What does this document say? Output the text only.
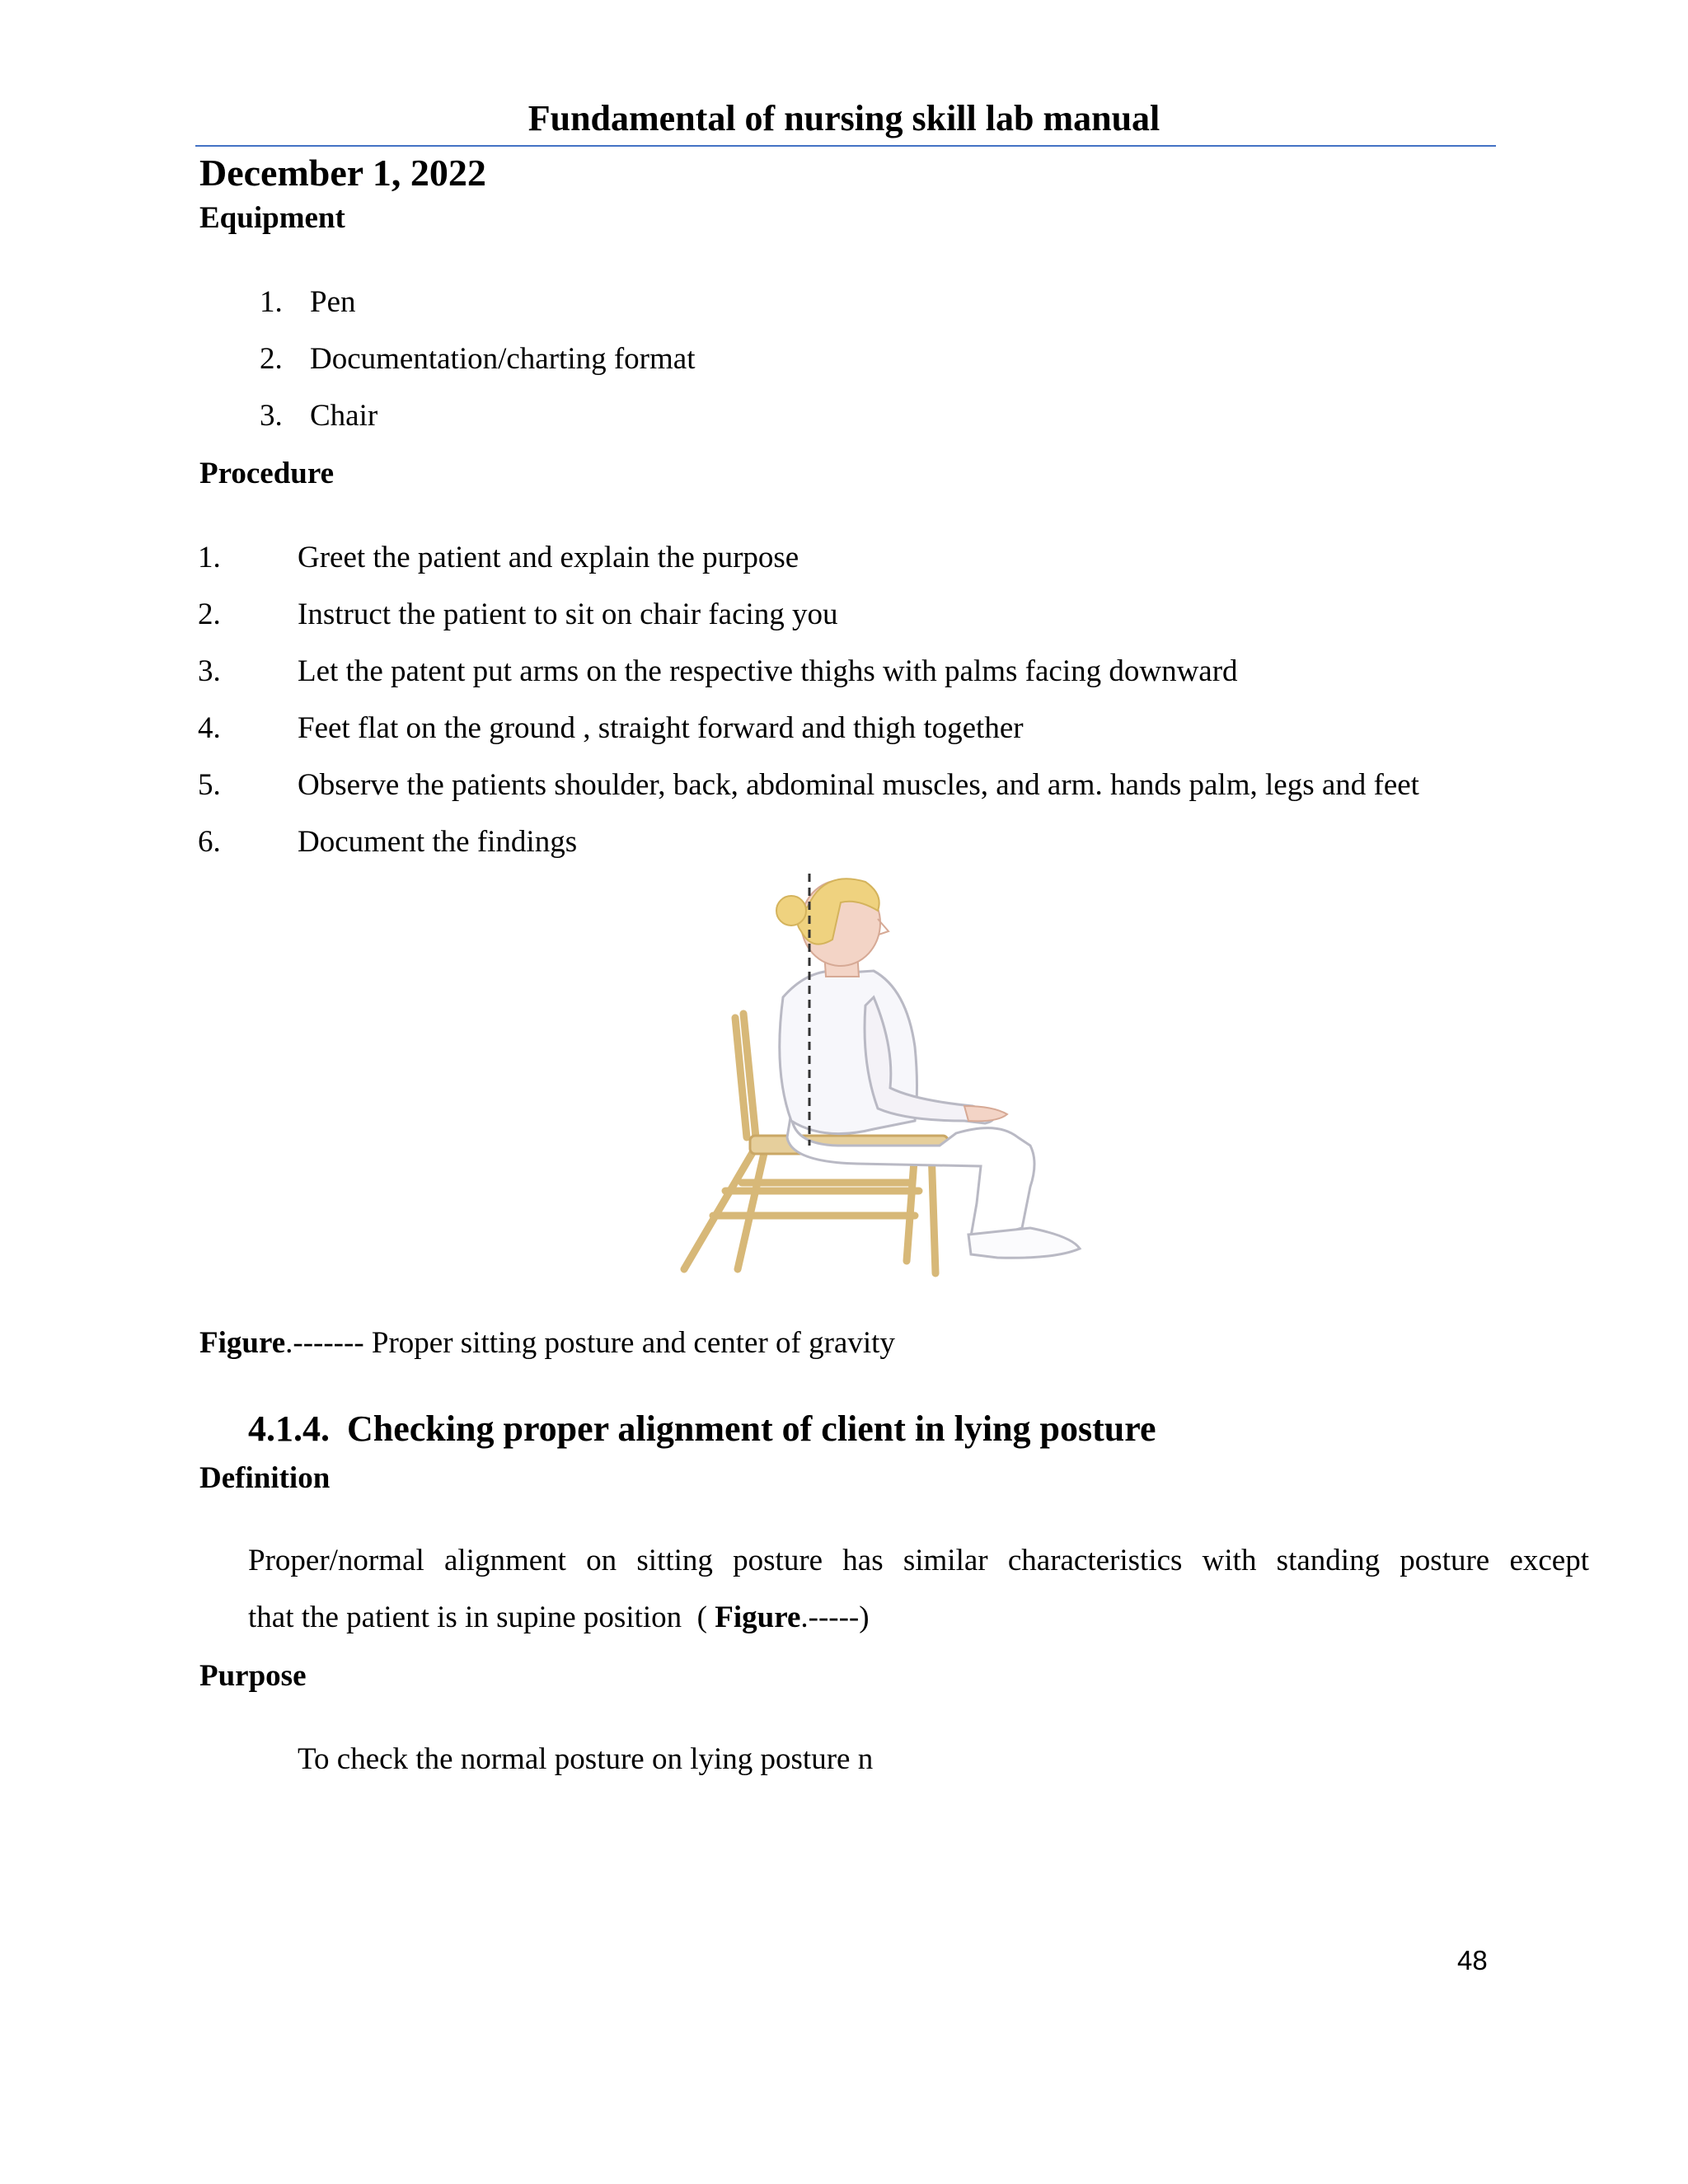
Fundamental of nursing skill lab manual
December 1, 2022
Equipment
1. Pen
2. Documentation/charting format
3. Chair
Procedure
1.	Greet the patient and explain the purpose
2.	Instruct the patient to sit on chair facing you
3.	Let the patent put arms on the respective thighs with palms facing downward
4.	Feet flat on the ground , straight forward and thigh together
5.	Observe the patients shoulder, back, abdominal muscles, and arm. hands palm, legs and feet
6.	Document the findings
Figure.------- Proper sitting posture and center of gravity
4.1.4. Checking proper alignment of client in lying posture
Definition
Proper/normal alignment on sitting posture has similar characteristics with standing posture except
that the patient is in supine position  ( Figure.-----)
Purpose
To check the normal posture on lying posture n
48
